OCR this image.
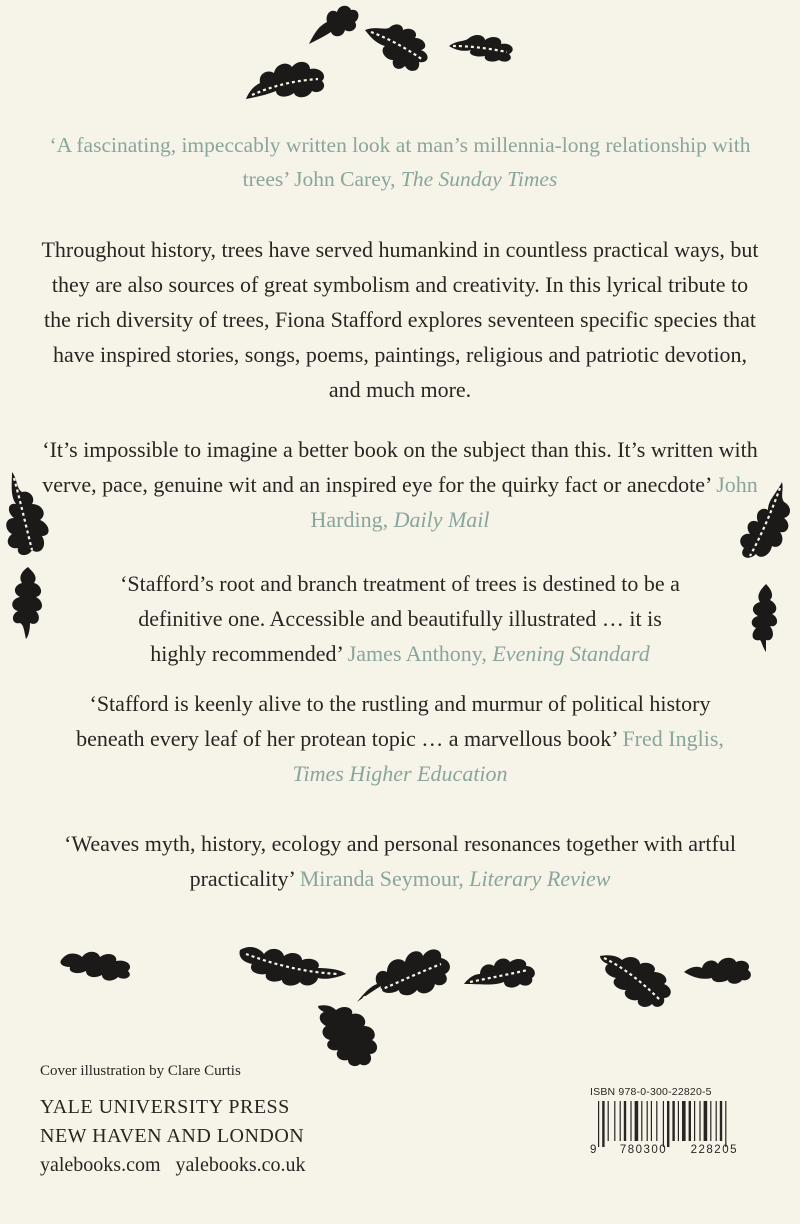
‘A fascinating, impeccably written look at man’s millennia-long relationship with trees’ John Carey, The Sunday Times
Throughout history, trees have served humankind in countless practical ways, but they are also sources of great symbolism and creativity. In this lyrical tribute to the rich diversity of trees, Fiona Stafford explores seventeen specific species that have inspired stories, songs, poems, paintings, religious and patriotic devotion, and much more.
‘It’s impossible to imagine a better book on the subject than this. It’s written with verve, pace, genuine wit and an inspired eye for the quirky fact or anecdote’ John Harding, Daily Mail
‘Stafford’s root and branch treatment of trees is destined to be a definitive one. Accessible and beautifully illustrated … it is highly recommended’ James Anthony, Evening Standard
‘Stafford is keenly alive to the rustling and murmur of political history beneath every leaf of her protean topic … a marvellous book’ Fred Inglis, Times Higher Education
‘Weaves myth, history, ecology and personal resonances together with artful practicality’ Miranda Seymour, Literary Review
Cover illustration by Clare Curtis
YALE UNIVERSITY PRESS
NEW HAVEN AND LONDON
yalebooks.com   yalebooks.co.uk
ISBN 978-0-300-22820-5
9 780300 228205
